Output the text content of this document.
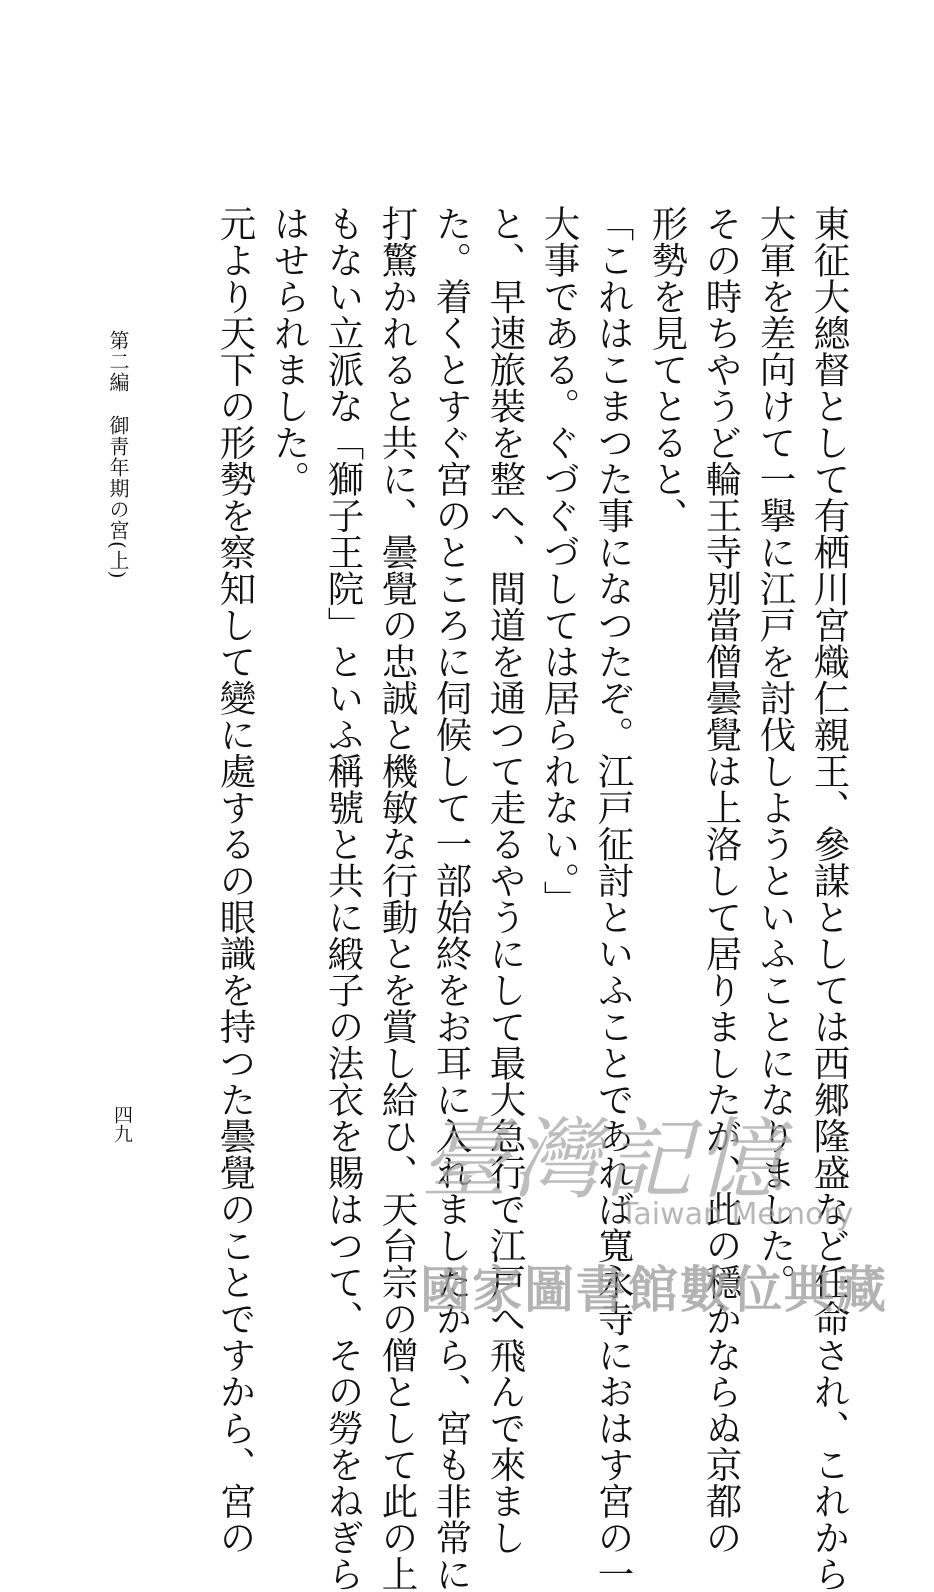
東征大總督として有栖川宮熾仁親王、參謀としては西郷隆盛など任命され、これから

大軍を差向けて一擧に江戸を討伐しようといふことになりました。

その時ちやうど輪王寺別當僧曇覺は上洛して居りましたが、此の穩かならぬ京都の

形勢を見てとると、

「これはこまつた事になつたぞ。江戸征討といふことであれば寬永寺におはす宮の一

大事である。ぐづぐづしては居られない。」

と、早速旅裝を整へ、間道を通つて走るやうにして最大急行で江戸へ飛んで來まし

た。着くとすぐ宮のところに伺候して一部始終をお耳に入れましたから、宮も非常に

打驚かれると共に、曇覺の忠誠と機敏な行動とを賞し給ひ、天台宗の僧として此の上

もない立派な「獅子王院」といふ稱號と共に緞子の法衣を賜はつて、その勞をねぎら

はせられました。

元より天下の形勢を察知して變に處するの眼識を持つた曇覺のことですから、宮の

第二編御靑年期の宮(上)
四九	臺灣記憶
Taiwan Memory
國家圖書館數位典藏
